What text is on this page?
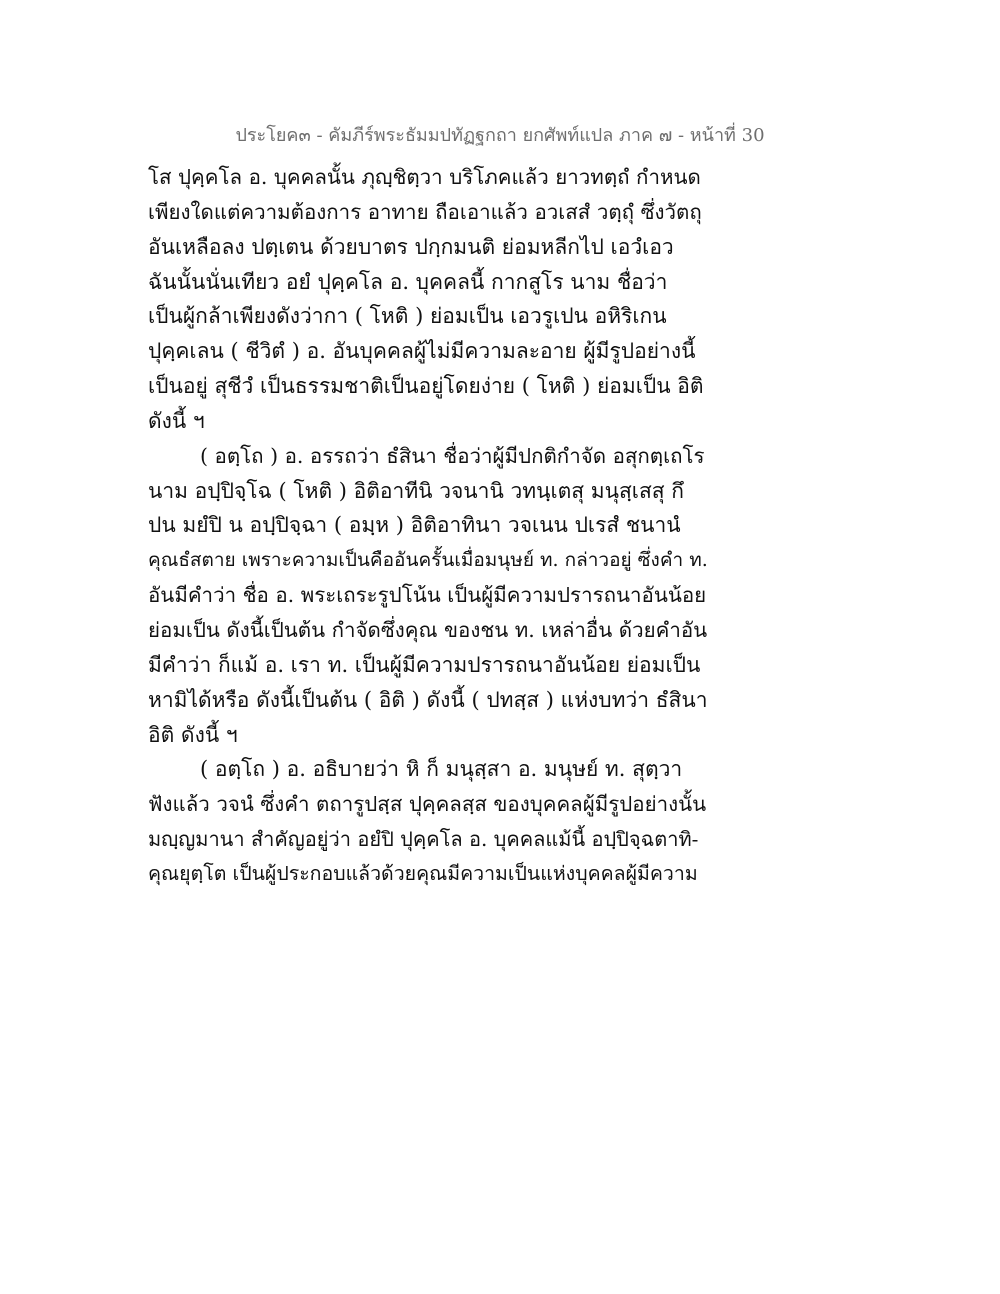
ประโยค๓ - คัมภีร์พระธัมมปทัฏฐกถา ยกศัพท์แปล ภาค ๗ - หน้าที่ 30
โส ปุคฺคโล อ. บุคคลนั้น ภุญฺชิตฺวา บริโภคแล้ว ยาวทตฺถํ กำหนด
เพียงใดแต่ความต้องการ อาทาย ถือเอาแล้ว อวเสสํ วตฺถุํ ซึ่งวัตถุ
อันเหลือลง ปตฺเตน ด้วยบาตร ปกฺกมนติ ย่อมหลีกไป เอวํเอว
ฉันนั้นนั่นเทียว อยํ ปุคฺคโล อ. บุคคลนี้ กากสูโร นาม ชื่อว่า
เป็นผู้กล้าเพียงดังว่ากา ( โหติ ) ย่อมเป็น เอวรูเปน อหิริเกน
ปุคฺคเลน ( ชีวิตํ ) อ. อันบุคคลผู้ไม่มีความละอาย ผู้มีรูปอย่างนี้
เป็นอยู่ สุชีวํ เป็นธรรมชาติเป็นอยู่โดยง่าย ( โหติ ) ย่อมเป็น อิติ
ดังนี้ ฯ
( อตฺโถ ) อ. อรรถว่า ธํสินา ชื่อว่าผู้มีปกติกำจัด อสุกตฺเถโร
นาม อปฺปิจฺโฉ ( โหติ ) อิติอาทีนิ วจนานิ วทนฺเตสุ มนุสฺเสสุ กึ
ปน มยํปิ น อปฺปิจฺฉา ( อมฺห ) อิติอาทินา วจเนน ปเรสํ ชนานํ
คุณธํสตาย เพราะความเป็นคืออันครั้นเมื่อมนุษย์ ท. กล่าวอยู่ ซึ่งคำ ท.
อันมีคำว่า ชื่อ อ. พระเถระรูปโน้น เป็นผู้มีความปรารถนาอันน้อย
ย่อมเป็น ดังนี้เป็นต้น กำจัดซึ่งคุณ ของชน ท. เหล่าอื่น ด้วยคำอัน
มีคำว่า ก็แม้ อ. เรา ท. เป็นผู้มีความปรารถนาอันน้อย ย่อมเป็น
หามิได้หรือ ดังนี้เป็นต้น ( อิติ ) ดังนี้ ( ปทสฺส ) แห่งบทว่า ธํสินา
อิติ ดังนี้ ฯ
( อตฺโถ ) อ. อธิบายว่า หิ ก็ มนุสฺสา อ. มนุษย์ ท. สุตฺวา
ฟังแล้ว วจนํ ซึ่งคำ ตถารูปสฺส ปุคฺคลสฺส ของบุคคลผู้มีรูปอย่างนั้น
มญฺญมานา สำคัญอยู่ว่า อยํปิ ปุคฺคโล อ. บุคคลแม้นี้ อปฺปิจฺฉตาทิ-
คุณยุตฺโต เป็นผู้ประกอบแล้วด้วยคุณมีความเป็นแห่งบุคคลผู้มีความ
